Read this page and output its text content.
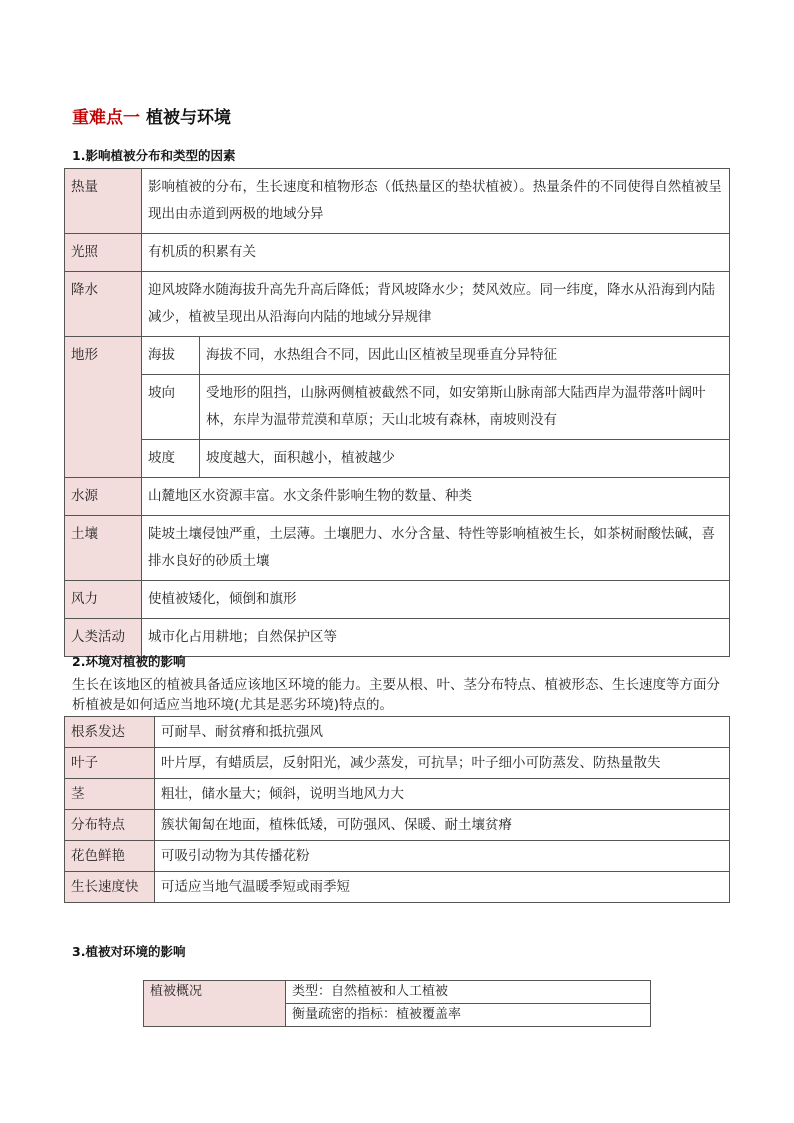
重难点一 植被与环境
1.影响植被分布和类型的因素
热量	影响植被的分布，生长速度和植物形态（低热量区的垫状植被）。热量条件的不同使得自然植被呈现出由赤道到两极的地域分异	
光照	有机质的积累有关	
降水	迎风坡降水随海拔升高先升高后降低；背风坡降水少；焚风效应。同一纬度，降水从沿海到内陆减少，植被呈现出从沿海向内陆的地域分异规律	
地形	海拔	海拔不同，水热组合不同，因此山区植被呈现垂直分异特征
	坡向	受地形的阻挡，山脉两侧植被截然不同，如安第斯山脉南部大陆西岸为温带落叶阔叶林，东岸为温带荒漠和草原；天山北坡有森林，南坡则没有
	坡度	坡度越大，面积越小，植被越少
水源	山麓地区水资源丰富。水文条件影响生物的数量、种类	
土壤	陡坡土壤侵蚀严重，土层薄。土壤肥力、水分含量、特性等影响植被生长，如茶树耐酸怯碱，喜排水良好的砂质土壤	
风力	使植被矮化，倾倒和旗形	
人类活动	城市化占用耕地；自然保护区等	
2.环境对植被的影响
生长在该地区的植被具备适应该地区环境的能力。主要从根、叶、茎分布特点、植被形态、生长速度等方面分析植被是如何适应当地环境(尤其是恶劣环境)特点的。
根系发达	可耐旱、耐贫瘠和抵抗强风
叶子	叶片厚，有蜡质层，反射阳光，减少蒸发，可抗旱；叶子细小可防蒸发、防热量散失
茎	粗壮，储水量大；倾斜，说明当地风力大
分布特点	簇状匍匐在地面，植株低矮，可防强风、保暖、耐土壤贫瘠
花色鲜艳	可吸引动物为其传播花粉
生长速度快	可适应当地气温暖季短或雨季短
3.植被对环境的影响
植被概况	类型：自然植被和人工植被
衡量疏密的指标：植被覆盖率
